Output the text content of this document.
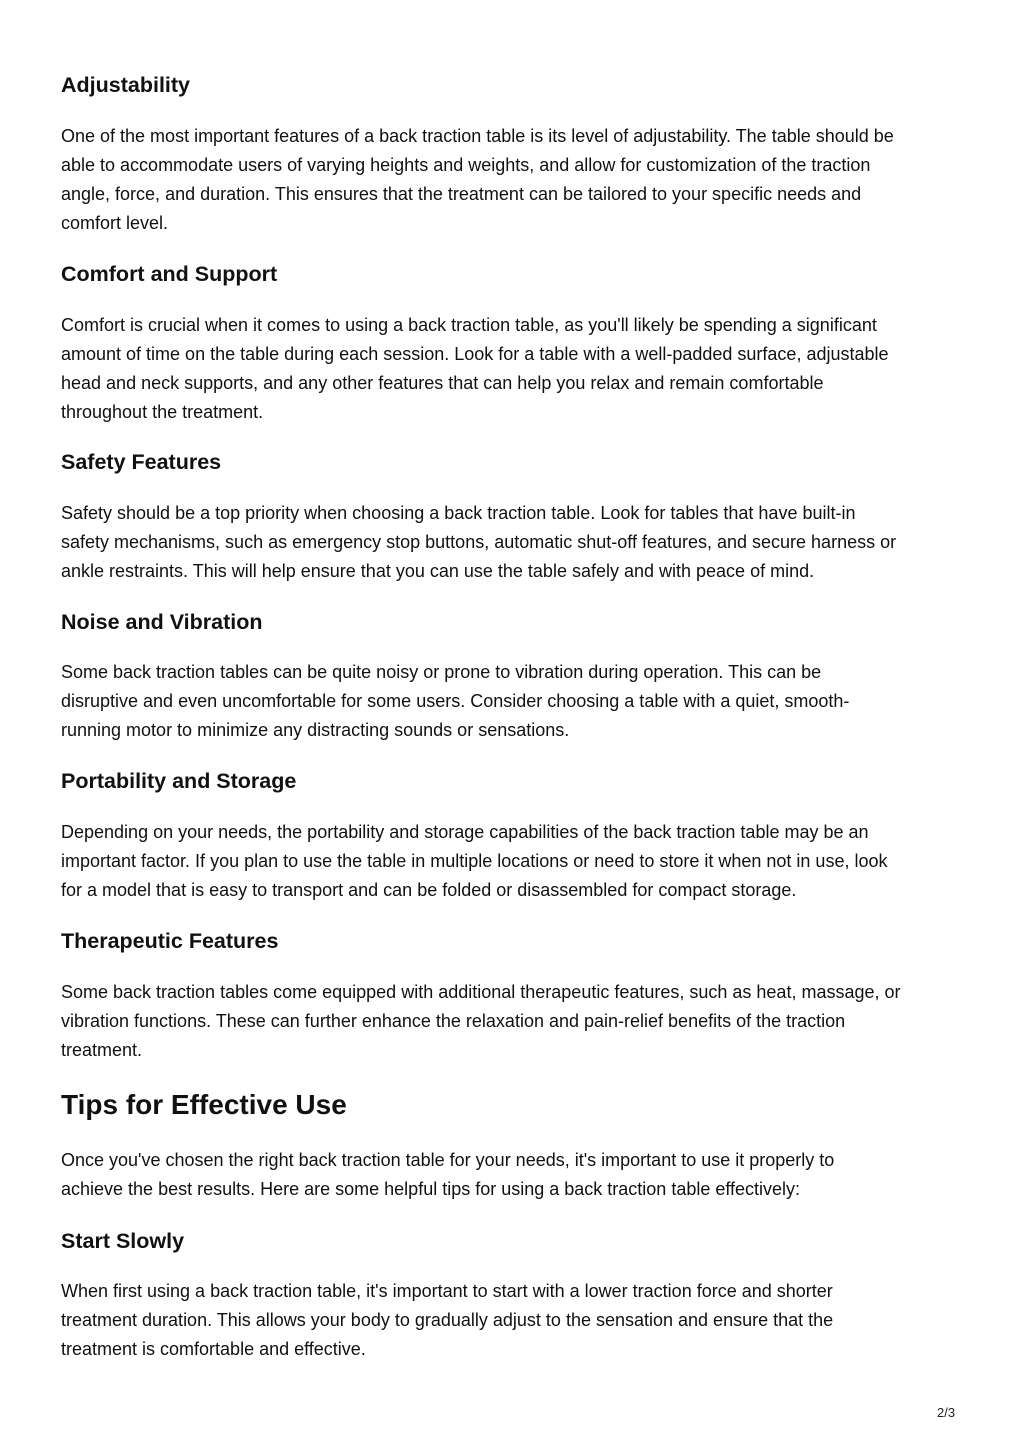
Adjustability
One of the most important features of a back traction table is its level of adjustability. The table should be
able to accommodate users of varying heights and weights, and allow for customization of the traction
angle, force, and duration. This ensures that the treatment can be tailored to your specific needs and
comfort level.
Comfort and Support
Comfort is crucial when it comes to using a back traction table, as you'll likely be spending a significant
amount of time on the table during each session. Look for a table with a well-padded surface, adjustable
head and neck supports, and any other features that can help you relax and remain comfortable
throughout the treatment.
Safety Features
Safety should be a top priority when choosing a back traction table. Look for tables that have built-in
safety mechanisms, such as emergency stop buttons, automatic shut-off features, and secure harness or
ankle restraints. This will help ensure that you can use the table safely and with peace of mind.
Noise and Vibration
Some back traction tables can be quite noisy or prone to vibration during operation. This can be
disruptive and even uncomfortable for some users. Consider choosing a table with a quiet, smooth-
running motor to minimize any distracting sounds or sensations.
Portability and Storage
Depending on your needs, the portability and storage capabilities of the back traction table may be an
important factor. If you plan to use the table in multiple locations or need to store it when not in use, look
for a model that is easy to transport and can be folded or disassembled for compact storage.
Therapeutic Features
Some back traction tables come equipped with additional therapeutic features, such as heat, massage, or
vibration functions. These can further enhance the relaxation and pain-relief benefits of the traction
treatment.
Tips for Effective Use
Once you've chosen the right back traction table for your needs, it's important to use it properly to
achieve the best results. Here are some helpful tips for using a back traction table effectively:
Start Slowly
When first using a back traction table, it's important to start with a lower traction force and shorter
treatment duration. This allows your body to gradually adjust to the sensation and ensure that the
treatment is comfortable and effective.
2/3
